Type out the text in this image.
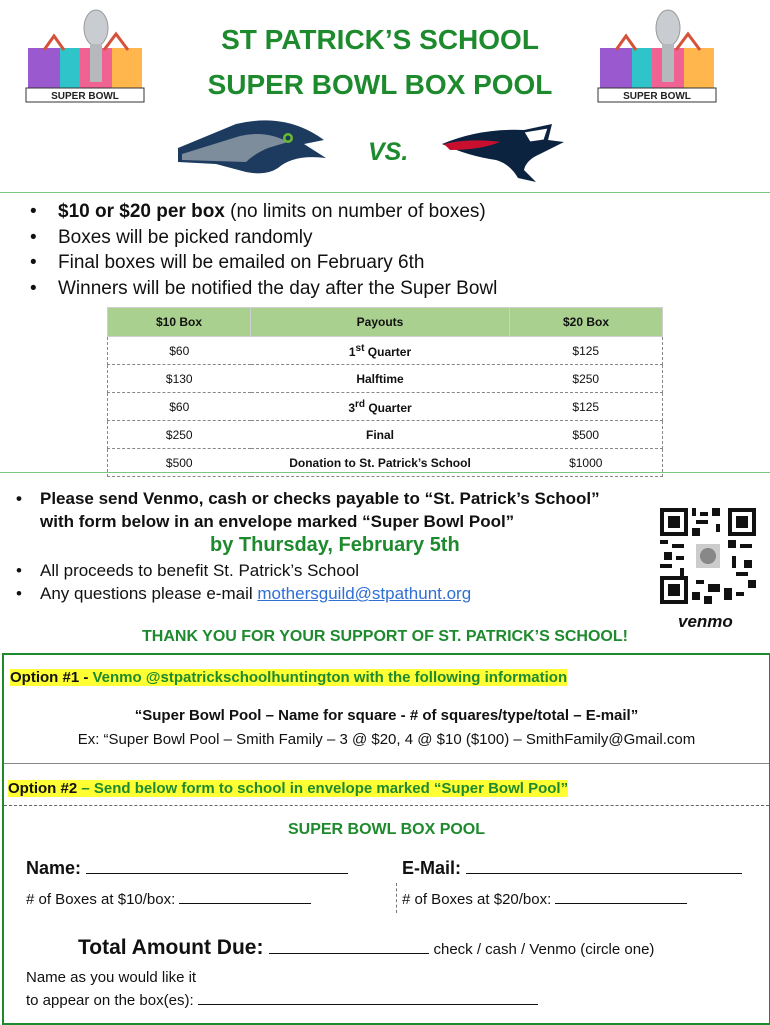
SUPER BOWL	SUPER BOWL
ST PATRICK’S SCHOOL
SUPER BOWL BOX POOL
VS.
•	$10 or $20 per box (no limits on number of boxes)
•	Boxes will be picked randomly
•	Final boxes will be emailed on February 6th
•	Winners will be notified the day after the Super Bowl
$10 Box	Payouts	$20 Box
$60	1st Quarter	$125
$130	Halftime	$250
$60	3rd Quarter	$125
$250	Final	$500
$500	Donation to St. Patrick’s School	$1000
• Please send Venmo, cash or checks payable to “St. Patrick’s School”
with form below in an envelope marked “Super Bowl Pool”
by Thursday, February 5th
• All proceeds to benefit St. Patrick’s School
• Any questions please e-mail mothersguild@stpathunt.org
venmo
THANK YOU FOR YOUR SUPPORT OF ST. PATRICK’S SCHOOL!
Option #1 - Venmo @stpatrickschoolhuntington with the following information
“Super Bowl Pool – Name for square - # of squares/type/total – E-mail”
Ex: “Super Bowl Pool – Smith Family – 3 @ $20, 4 @ $10 ($100) – SmithFamily@Gmail.com
Option #2 – Send below form to school in envelope marked “Super Bowl Pool”
SUPER BOWL BOX POOL
Name:	E-Mail:
# of Boxes at $10/box:	# of Boxes at $20/box:
Total Amount Due:	check / cash / Venmo (circle one)
Name as you would like it
to appear on the box(es):
